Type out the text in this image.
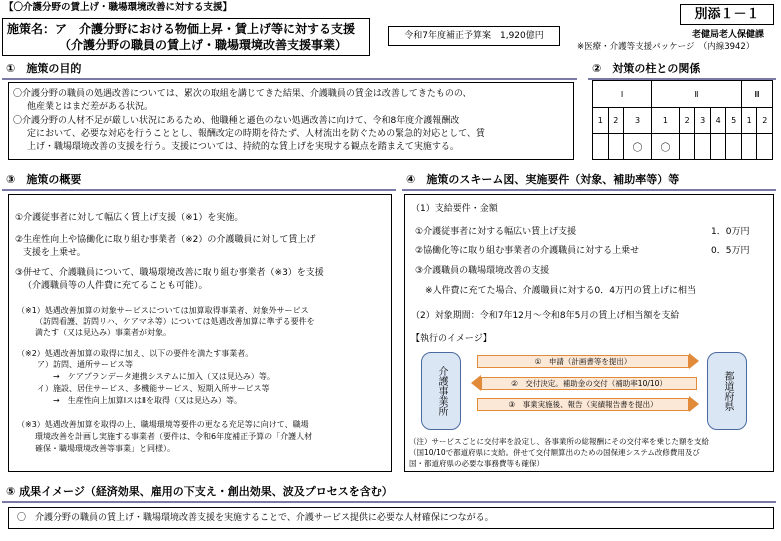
【〇介護分野の賃上げ・職場環境改善に対する支援】	別添１－１
施策名：ア　介護分野における物価上昇・賃上げ等に対する支援
（介護分野の職員の賃上げ・職場環境改善支援事業）
令和7年度補正予算案　1,920億円	老健局老人保健課
※医療・介護等支援パッケージ　（内線3942）
①　施策の目的
〇介護分野の職員の処遇改善については、累次の取組を講じてきた結果、介護職員の賃金は改善してきたものの、
他産業とはまだ差がある状況。
〇介護分野の人材不足が厳しい状況にあるため、他職種と遜色のない処遇改善に向けて、令和8年度介護報酬改
定において、必要な対応を行うこととし、報酬改定の時期を待たず、人材流出を防ぐための緊急的対応として、賃
上げ・職場環境改善の支援を行う。支援については、持続的な賃上げを実現する観点を踏まえて実施する。
②　対策の柱との関係
Ⅰ			Ⅱ					Ⅲ	
1	2	3	1	2	3	4	5	1	2
		〇	〇						
③　施策の概要
①介護従事者に対して幅広く賃上げ支援（※1）を実施。
②生産性向上や協働化に取り組む事業者（※2）の介護職員に対して賃上げ
支援を上乗せ。
③併せて、介護職員について、職場環境改善に取り組む事業者（※3）を支援
（介護職員等の人件費に充てることも可能）。
（※1）処遇改善加算の対象サービスについては加算取得事業者、対象外サービス
（訪問看護、訪問リハ、ケアマネ等）については処遇改善加算に準ずる要件を
満たす（又は見込み）事業者が対象。
（※2）処遇改善加算の取得に加え、以下の要件を満たす事業者。
ア）訪問、通所サービス等
→　ケアプランデータ連携システムに加入（又は見込み）等。
イ）施設、居住サービス、多機能サービス、短期入所サービス等
→　生産性向上加算ⅠスはⅡを取得（又は見込み）等。
（※3）処遇改善加算を取得の上、職場環境等要件の更なる充足等に向けて、職場
環境改善を計画し実施する事業者（要件は、令和6年度補正予算の「介護人材
確保・職場環境改善等事業」と同様）。
④　施策のスキーム図、実施要件（対象、補助率等）等
（1）支給要件・金額
①介護従事者に対する幅広い賃上げ支援	1．0万円
②協働化等に取り組む事業者の介護職員に対する上乗せ	0．5万円
③介護職員の職場環境改善の支援
※人件費に充てた場合、介護職員に対する0．4万円の賃上げに相当
（2）対象期間：令和7年12月～令和8年5月の賃上げ相当額を支給
【執行のイメージ】
介護事業所	都道府県
①　申請（計画書等を提出）
②　交付決定。補助金の交付（補助率10/10）
③　事業実施後、報告（実績報告書を提出）
（注）サービスごとに交付率を設定し、各事業所の総報酬にその交付率を乗じた額を支給
（国10/10で都道府県に支給。併せて交付額算出のための国保連システム改修費用及び
国・都道府県の必要な事務費等も確保）
⑤ 成果イメージ（経済効果、雇用の下支え・創出効果、波及プロセスを含む）
〇　介護分野の職員の賃上げ・職場環境改善支援を実施することで、介護サービス提供に必要な人材確保につながる。
